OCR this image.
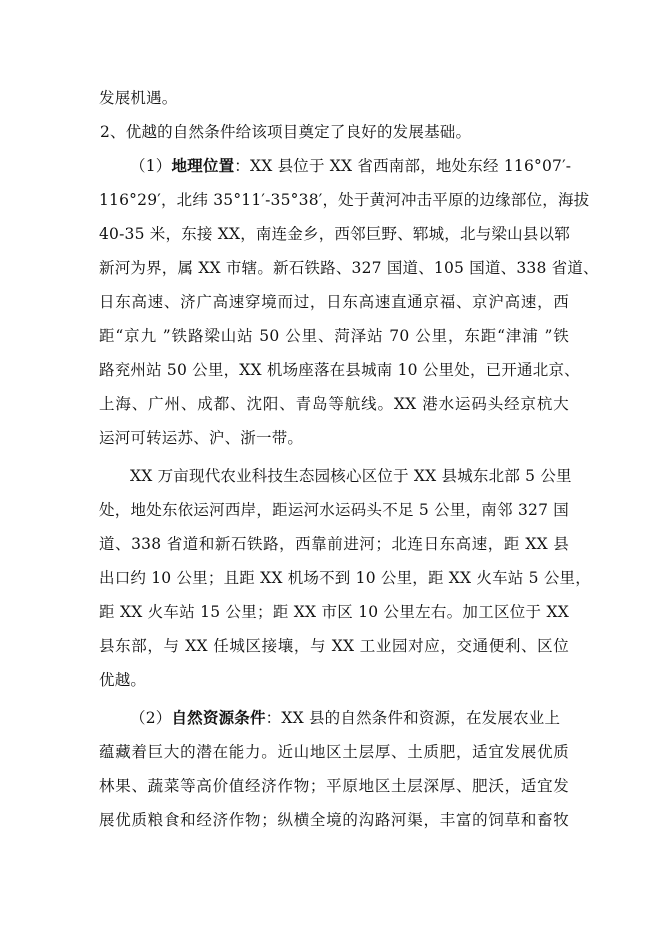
发展机遇。
2、优越的自然条件给该项目奠定了良好的发展基础。
（1）地理位置：XX 县位于 XX 省西南部，地处东经 116°07′-
116°29′，北纬 35°11′-35°38′，处于黄河冲击平原的边缘部位，海拔
40-35 米，东接 XX，南连金乡，西邻巨野、郓城，北与梁山县以郓
新河为界，属 XX 市辖。新石铁路、327 国道、105 国道、338 省道、
日东高速、济广高速穿境而过，日东高速直通京福、京沪高速，西
距“京九 ”铁路梁山站 50 公里、菏泽站 70 公里，东距“津浦 ”铁
路兖州站 50 公里，XX 机场座落在县城南 10 公里处，已开通北京、
上海、广州、成都、沈阳、青岛等航线。XX 港水运码头经京杭大
运河可转运苏、沪、浙一带。
XX 万亩现代农业科技生态园核心区位于 XX 县城东北部 5 公里
处，地处东依运河西岸，距运河水运码头不足 5 公里，南邻 327 国
道、338 省道和新石铁路，西靠前进河；北连日东高速，距 XX 县
出口约 10 公里；且距 XX 机场不到 10 公里，距 XX 火车站 5 公里，
距 XX 火车站 15 公里；距 XX 市区 10 公里左右。加工区位于 XX
县东部，与 XX 任城区接壤，与 XX 工业园对应，交通便利、区位
优越。
（2）自然资源条件：XX 县的自然条件和资源，在发展农业上
蕴藏着巨大的潜在能力。近山地区土层厚、土质肥，适宜发展优质
林果、蔬菜等高价值经济作物；平原地区土层深厚、肥沃，适宜发
展优质粮食和经济作物；纵横全境的沟路河渠，丰富的饲草和畜牧
